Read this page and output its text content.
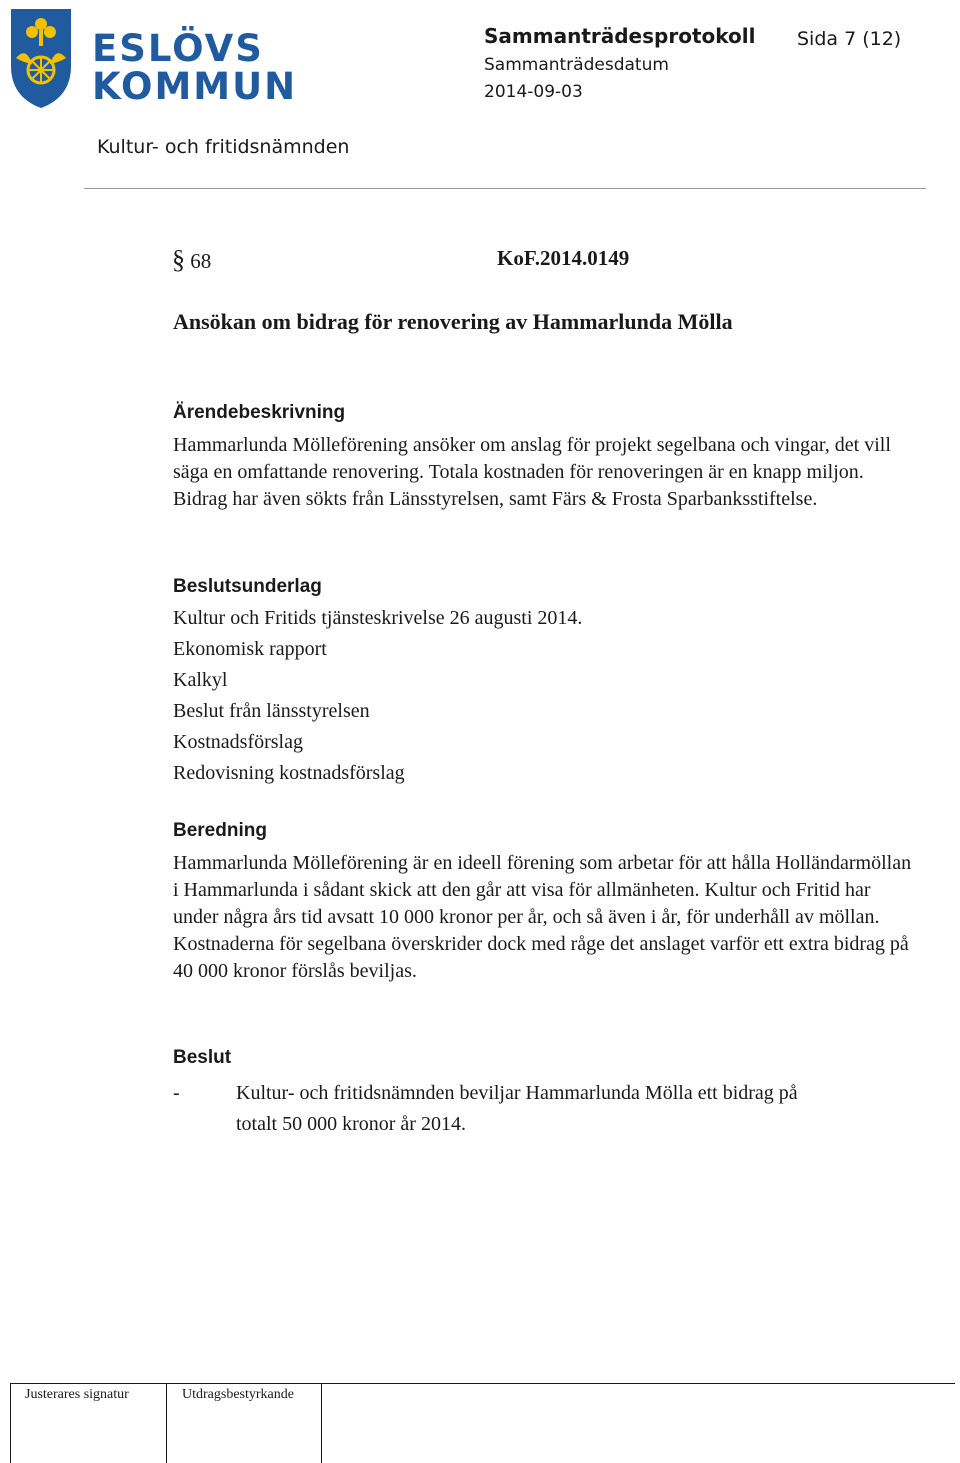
ESLÖVS
KOMMUN
Sammanträdesprotokoll Sida 7 (12)
Sammanträdesdatum
2014-09-03
Kultur- och fritidsnämnden
§ 68	KoF.2014.0149
Ansökan om bidrag för renovering av Hammarlunda Mölla
Ärendebeskrivning
Hammarlunda Mölleförening ansöker om anslag för projekt segelbana och vingar, det vill säga en omfattande renovering. Totala kostnaden för renoveringen är en knapp miljon. Bidrag har även sökts från Länsstyrelsen, samt Färs & Frosta Sparbanksstiftelse.
Beslutsunderlag
Kultur och Fritids tjänsteskrivelse 26 augusti 2014.
Ekonomisk rapport
Kalkyl
Beslut från länsstyrelsen
Kostnadsförslag
Redovisning kostnadsförslag
Beredning
Hammarlunda Mölleförening är en ideell förening som arbetar för att hålla Holländarmöllan i Hammarlunda i sådant skick att den går att visa för allmänheten. Kultur och Fritid har under några års tid avsatt 10 000 kronor per år, och så även i år, för underhåll av möllan. Kostnaderna för segelbana överskrider dock med råge det anslaget varför ett extra bidrag på 40 000 kronor förslås beviljas.
Beslut
-	Kultur- och fritidsnämnden beviljar Hammarlunda Mölla ett bidrag på totalt 50 000 kronor år 2014.
Justerares signatur	Utdragsbestyrkande
